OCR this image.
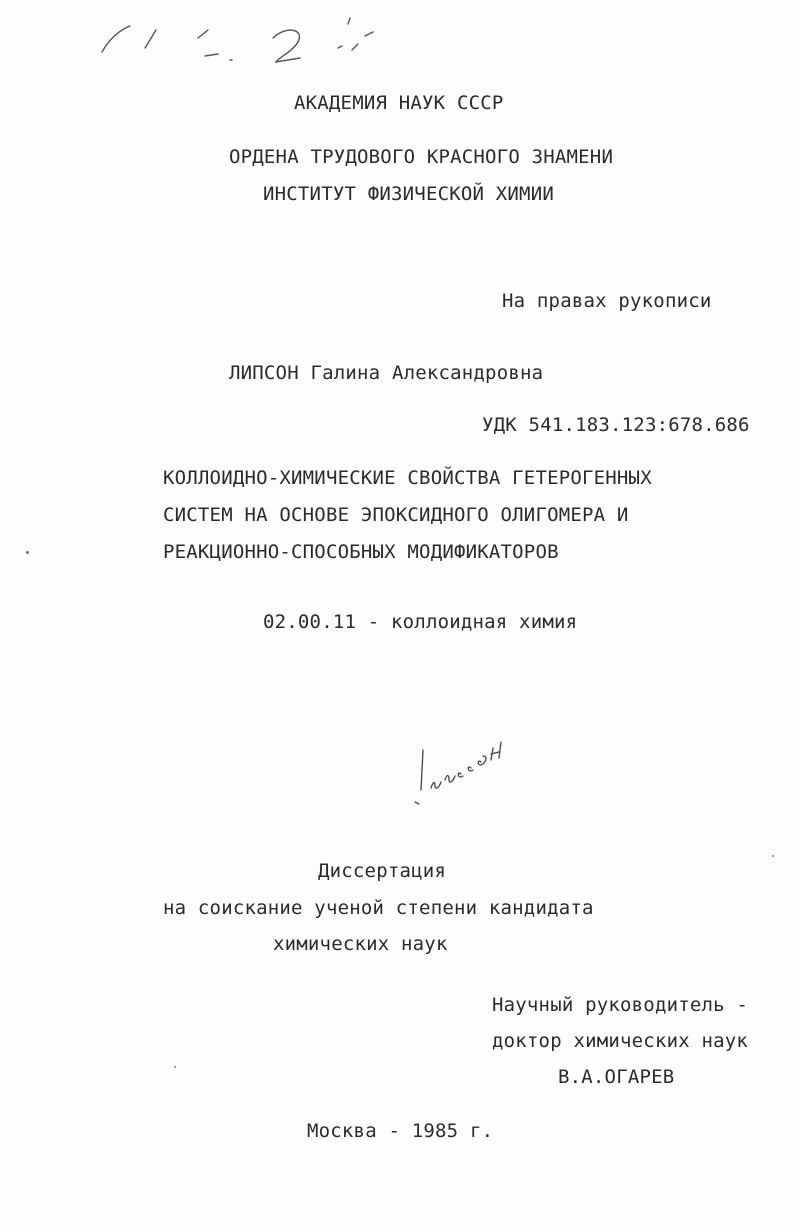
АКАДЕМИЯ НАУК СССР
ОРДЕНА ТРУДОВОГО КРАСНОГО ЗНАМЕНИ
ИНСТИТУТ ФИЗИЧЕСКОЙ ХИМИИ
На правах рукописи
ЛИПСОН Галина Александровна
УДК 541.183.123:678.686
КОЛЛОИДНО-ХИМИЧЕСКИЕ СВОЙСТВА ГЕТЕРОГЕННЫХ
СИСТЕМ НА ОСНОВЕ ЭПОКСИДНОГО ОЛИГОМЕРА И
РЕАКЦИОННО-СПОСОБНЫХ МОДИФИКАТОРОВ
02.00.11 - коллоидная химия
Диссертация
на соискание ученой степени кандидата
химических наук
Научный руководитель -
доктор химических наук
В.А.ОГАРЕВ
Москва - 1985 г.
